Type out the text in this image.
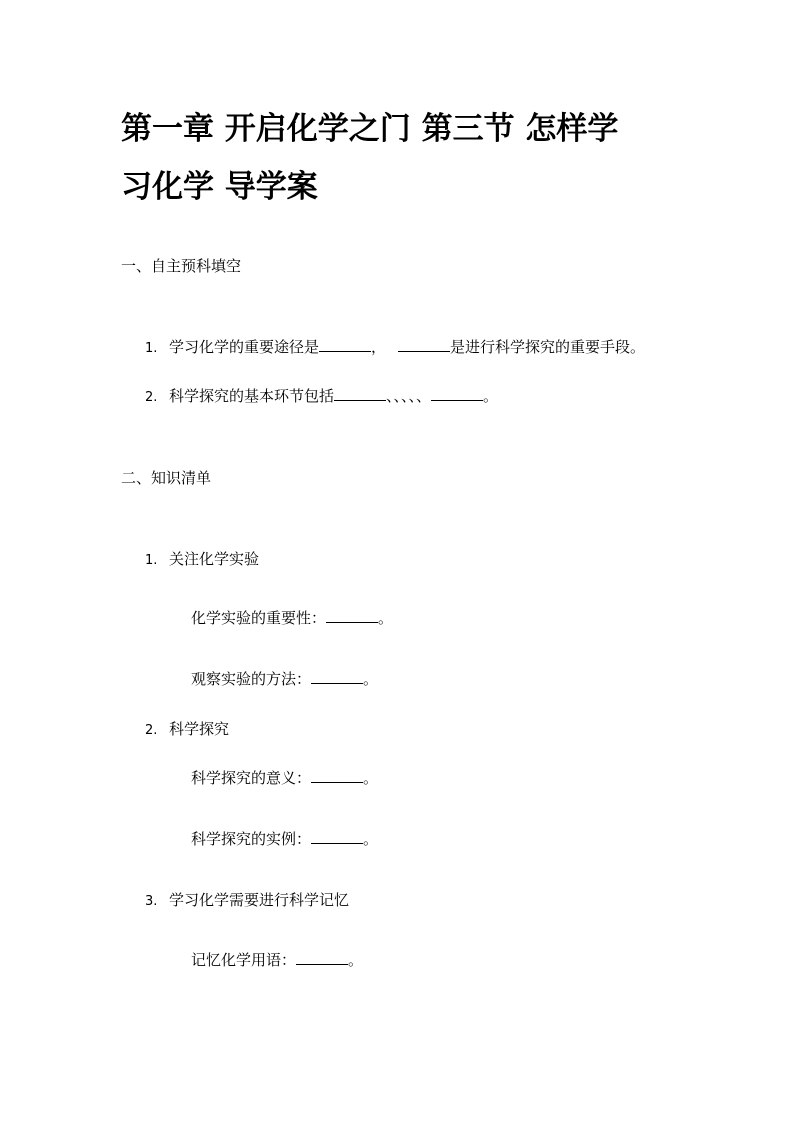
第一章 开启化学之门 第三节 怎样学
习化学 导学案
一、自主预科填空
1. 学习化学的重要途径是	，	是进行科学探究的重要手段。
2. 科学探究的基本环节包括	、、、、、	。
二、知识清单
1. 关注化学实验
化学实验的重要性：	。
观察实验的方法：	。
2. 科学探究
科学探究的意义：	。
科学探究的实例：	。
3. 学习化学需要进行科学记忆
记忆化学用语：	。
